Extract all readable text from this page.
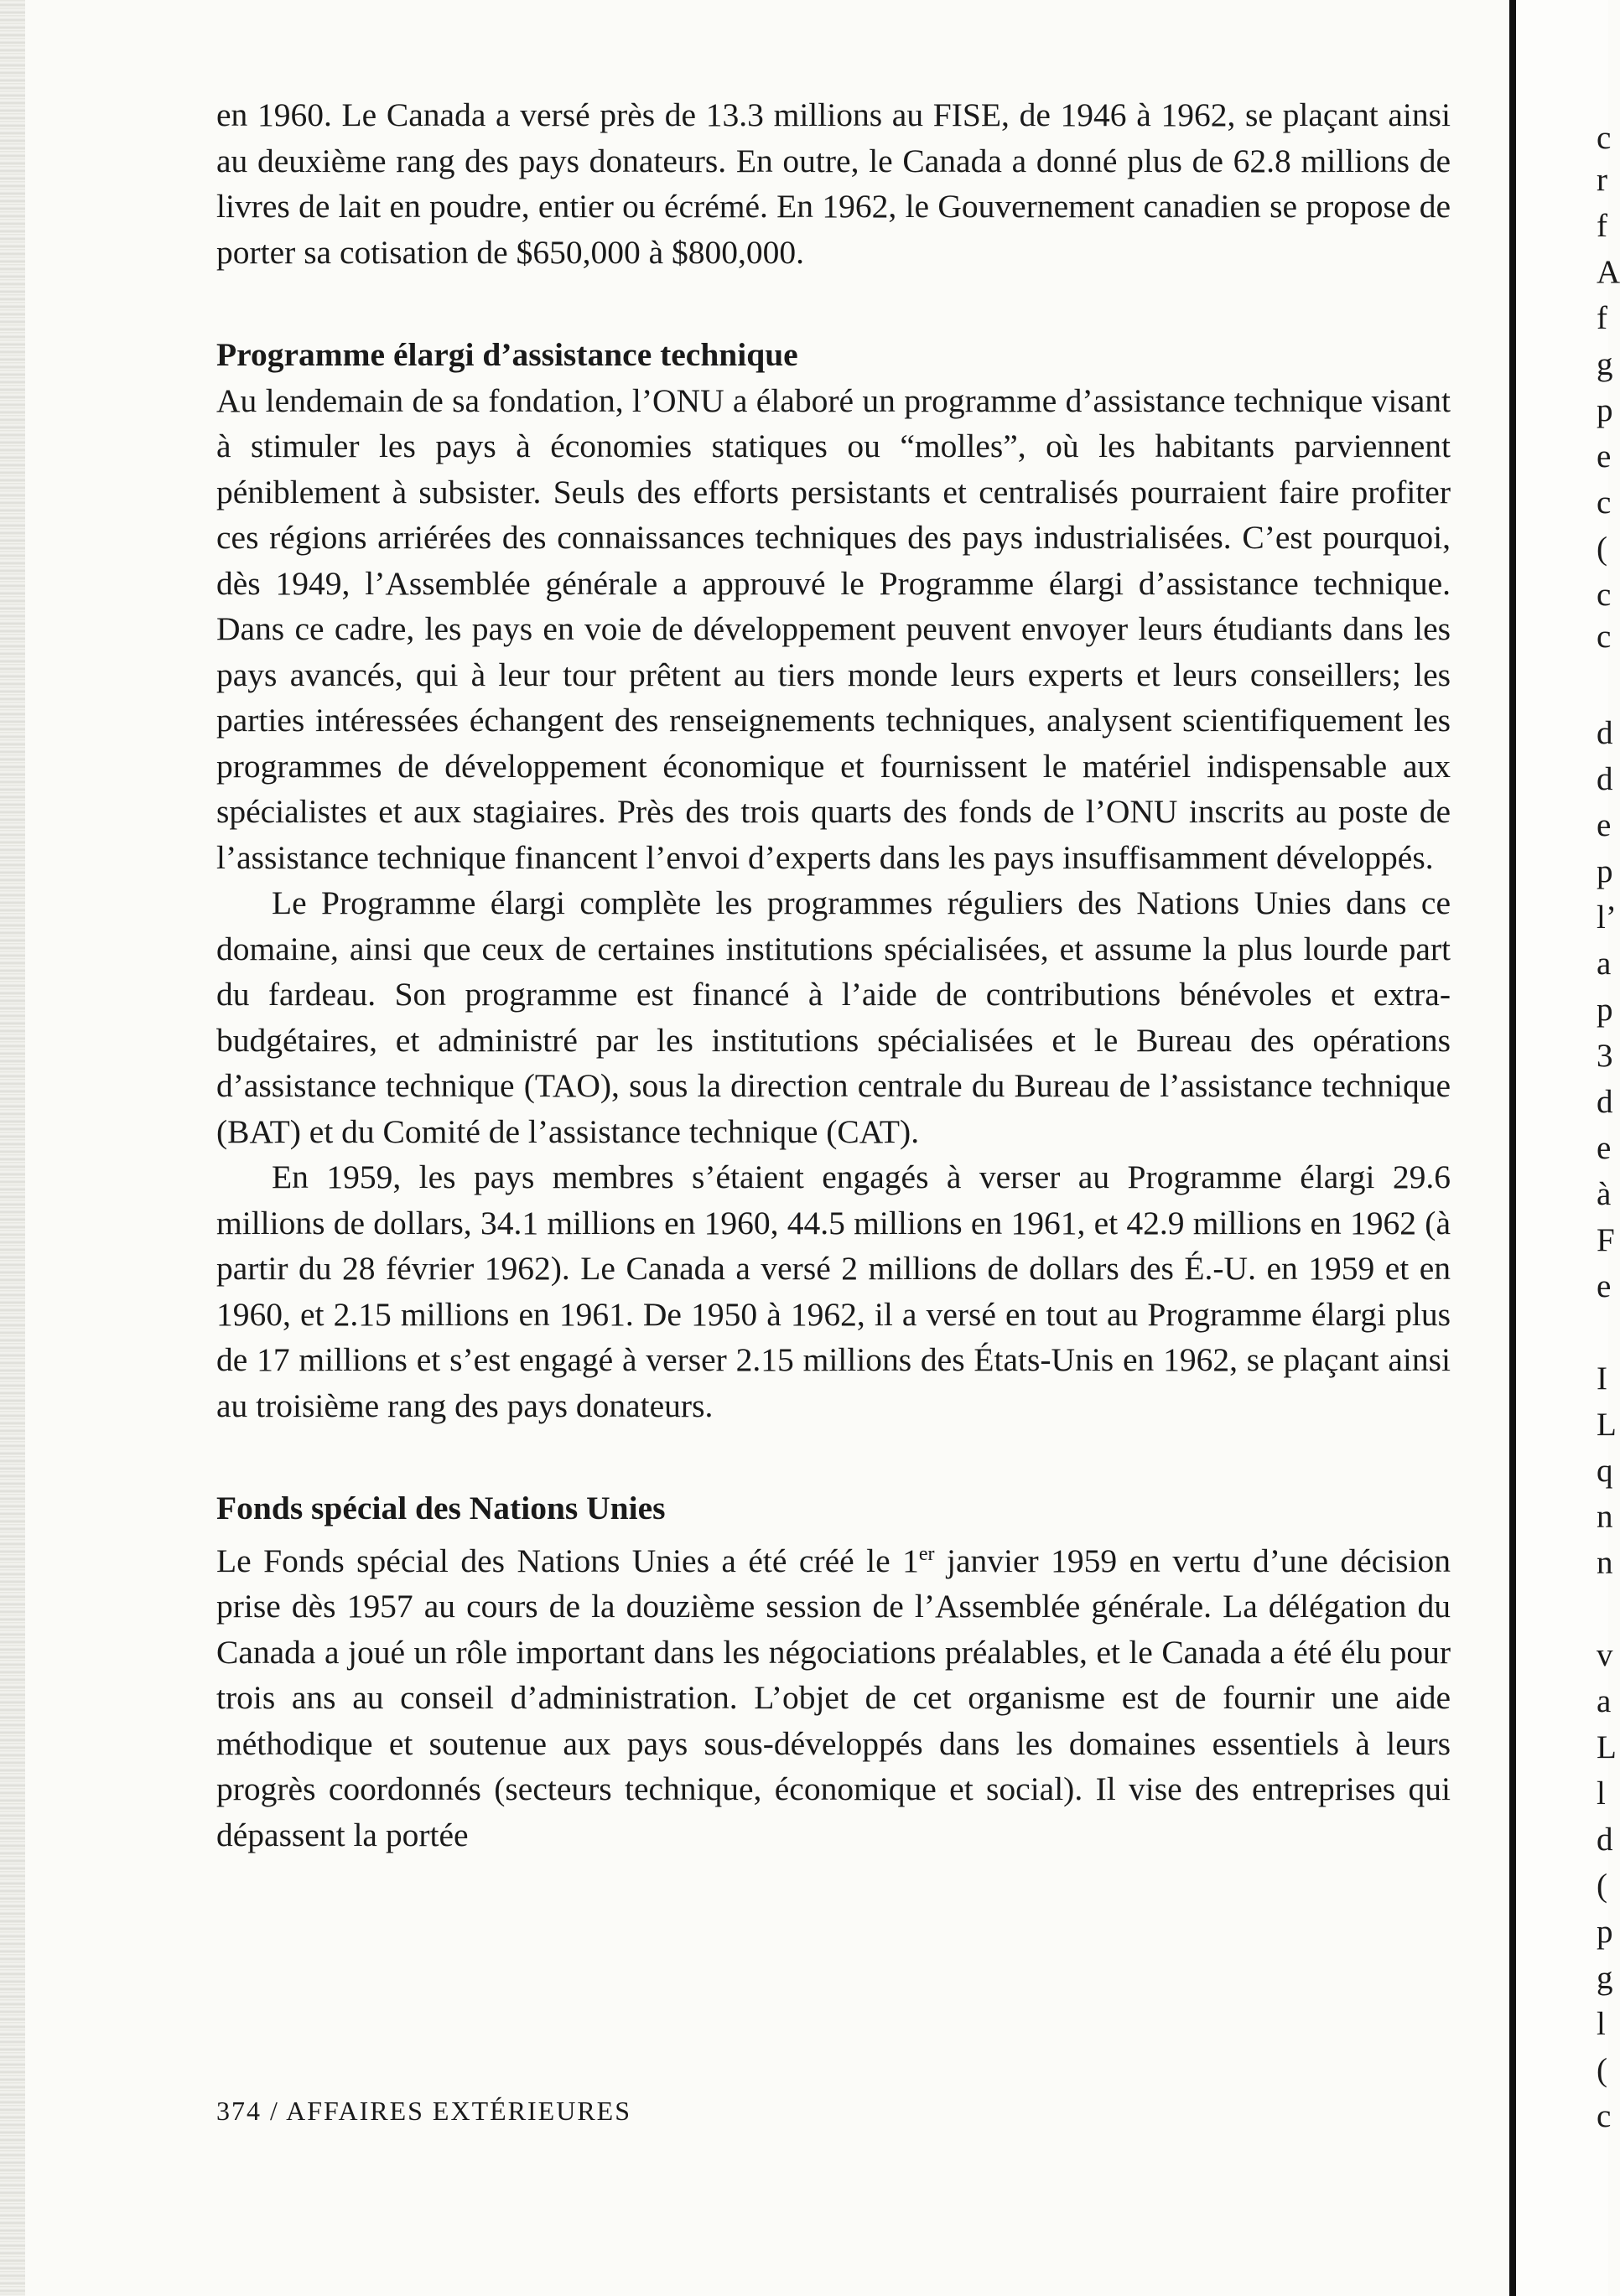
en 1960. Le Canada a versé près de 13.3 millions au FISE, de 1946 à 1962, se plaçant ainsi au deuxième rang des pays donateurs. En outre, le Canada a donné plus de 62.8 millions de livres de lait en poudre, entier ou écrémé. En 1962, le Gouvernement canadien se propose de porter sa cotisation de $650,000 à $800,000.

Programme élargi d’assistance technique

Au lendemain de sa fondation, l’ONU a élaboré un programme d’assistance technique visant à stimuler les pays à économies statiques ou “molles”, où les habitants parviennent péniblement à subsister. Seuls des efforts persistants et centralisés pourraient faire profiter ces régions arriérées des connaissances techniques des pays industrialisées. C’est pourquoi, dès 1949, l’Assemblée générale a approuvé le Programme élargi d’assistance technique. Dans ce cadre, les pays en voie de développement peuvent envoyer leurs étudiants dans les pays avancés, qui à leur tour prêtent au tiers monde leurs experts et leurs conseillers; les parties intéressées échangent des renseignements techniques, analysent scientifiquement les programmes de développement économique et fournissent le matériel indispensable aux spécialistes et aux stagiaires. Près des trois quarts des fonds de l’ONU inscrits au poste de l’assistance technique financent l’envoi d’experts dans les pays insuffisamment développés.

Le Programme élargi complète les programmes réguliers des Nations Unies dans ce domaine, ainsi que ceux de certaines institutions spécialisées, et assume la plus lourde part du fardeau. Son programme est financé à l’aide de contributions bénévoles et extra-budgétaires, et administré par les institutions spécialisées et le Bureau des opérations d’assistance technique (TAO), sous la direction centrale du Bureau de l’assistance technique (BAT) et du Comité de l’assistance technique (CAT).

En 1959, les pays membres s’étaient engagés à verser au Programme élargi 29.6 millions de dollars, 34.1 millions en 1960, 44.5 millions en 1961, et 42.9 millions en 1962 (à partir du 28 février 1962). Le Canada a versé 2 millions de dollars des É.-U. en 1959 et en 1960, et 2.15 millions en 1961. De 1950 à 1962, il a versé en tout au Programme élargi plus de 17 millions et s’est engagé à verser 2.15 millions des États-Unis en 1962, se plaçant ainsi au troisième rang des pays donateurs.

Fonds spécial des Nations Unies

Le Fonds spécial des Nations Unies a été créé le 1er janvier 1959 en vertu d’une décision prise dès 1957 au cours de la douzième session de l’Assemblée générale. La délégation du Canada a joué un rôle important dans les négociations préalables, et le Canada a été élu pour trois ans au conseil d’administration. L’objet de cet organisme est de fournir une aide méthodique et soutenue aux pays sous-développés dans les domaines essentiels à leurs progrès coordonnés (secteurs technique, économique et social). Il vise des entreprises qui dépassent la portée

374 / AFFAIRES EXTÉRIEURES
c
r
f
A
f
g
p
e
c
(
c
c
d
d
e
p
l’
a
p
3
d
e
à
F
e
I
L
q
n
n
v
a
L
l
d
(
p
g
l
(
c
